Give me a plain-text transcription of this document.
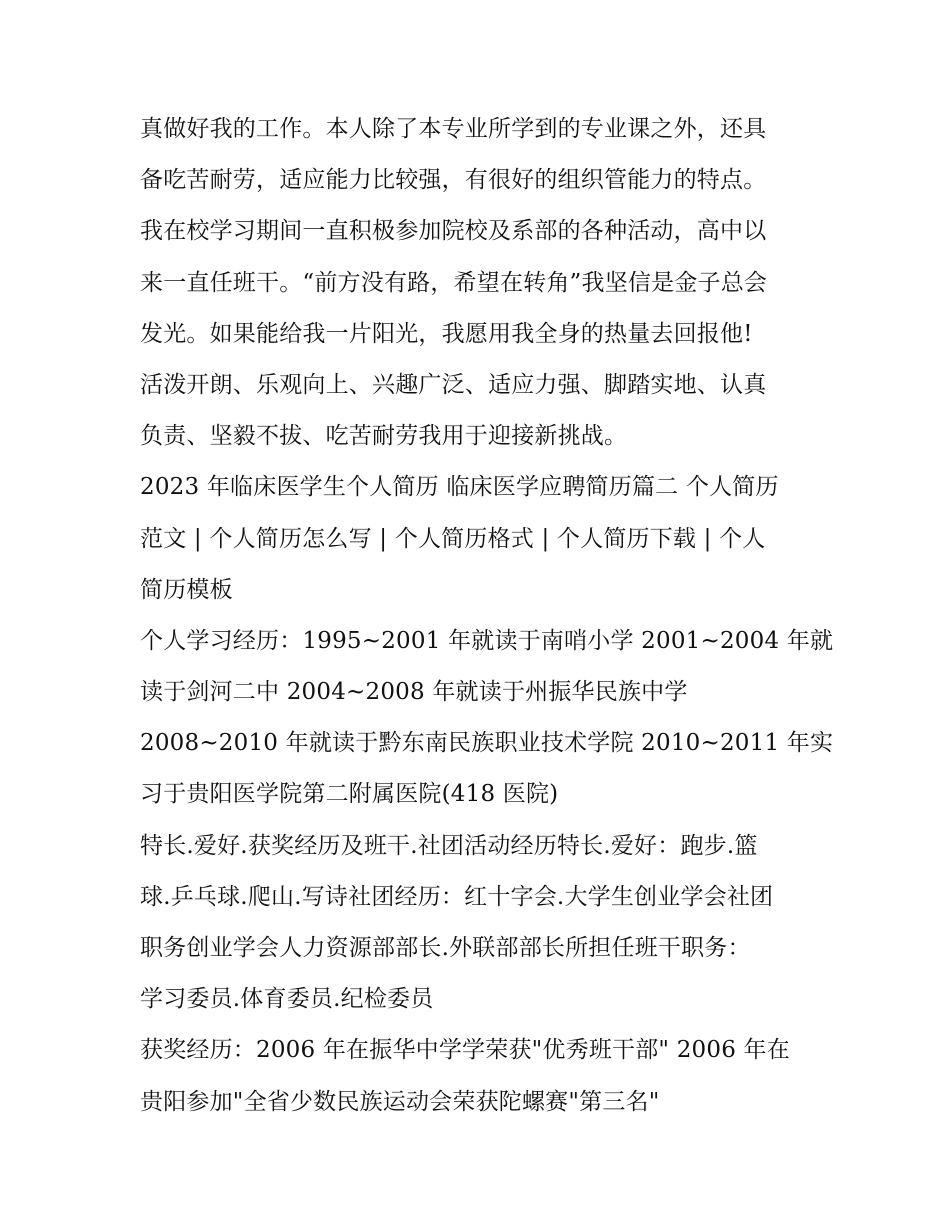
真做好我的工作。本人除了本专业所学到的专业课之外，还具
备吃苦耐劳，适应能力比较强，有很好的组织管能力的特点。
我在校学习期间一直积极参加院校及系部的各种活动，高中以
来一直任班干。“前方没有路，希望在转角”我坚信是金子总会
发光。如果能给我一片阳光，我愿用我全身的热量去回报他!
活泼开朗、乐观向上、兴趣广泛、适应力强、脚踏实地、认真
负责、坚毅不拔、吃苦耐劳我用于迎接新挑战。
2023 年临床医学生个人简历 临床医学应聘简历篇二 个人简历
范文 | 个人简历怎么写 | 个人简历格式 | 个人简历下载 | 个人
简历模板
个人学习经历：1995~2001 年就读于南哨小学 2001~2004 年就
读于剑河二中 2004~2008 年就读于州振华民族中学
2008~2010 年就读于黔东南民族职业技术学院 2010~2011 年实
习于贵阳医学院第二附属医院(418 医院)
特长.爱好.获奖经历及班干.社团活动经历特长.爱好：跑步.篮
球.乒乓球.爬山.写诗社团经历：红十字会.大学生创业学会社团
职务创业学会人力资源部部长.外联部部长所担任班干职务：
学习委员.体育委员.纪检委员
获奖经历：2006 年在振华中学学荣获"优秀班干部" 2006 年在
贵阳参加"全省少数民族运动会荣获陀螺赛"第三名"
